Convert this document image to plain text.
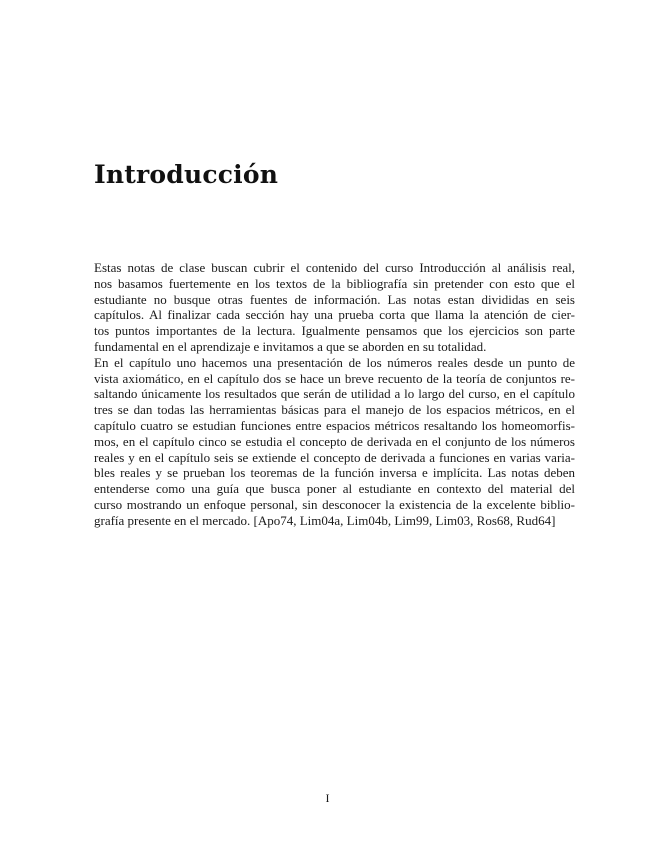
Introducción

Estas notas de clase buscan cubrir el contenido del curso Introducción al análisis real,
nos basamos fuertemente en los textos de la bibliografía sin pretender con esto que el
estudiante no busque otras fuentes de información. Las notas estan divididas en seis
capítulos. Al finalizar cada sección hay una prueba corta que llama la atención de cier-
tos puntos importantes de la lectura. Igualmente pensamos que los ejercicios son parte
fundamental en el aprendizaje e invitamos a que se aborden en su totalidad.

En el capítulo uno hacemos una presentación de los números reales desde un punto de
vista axiomático, en el capítulo dos se hace un breve recuento de la teoría de conjuntos re-
saltando únicamente los resultados que serán de utilidad a lo largo del curso, en el capítulo
tres se dan todas las herramientas básicas para el manejo de los espacios métricos, en el
capítulo cuatro se estudian funciones entre espacios métricos resaltando los homeomorfis-
mos, en el capítulo cinco se estudia el concepto de derivada en el conjunto de los números
reales y en el capítulo seis se extiende el concepto de derivada a funciones en varias varia-
bles reales y se prueban los teoremas de la función inversa e implícita. Las notas deben
entenderse como una guía que busca poner al estudiante en contexto del material del
curso mostrando un enfoque personal, sin desconocer la existencia de la excelente biblio-
grafía presente en el mercado. [Apo74, Lim04a, Lim04b, Lim99, Lim03, Ros68, Rud64]

I
